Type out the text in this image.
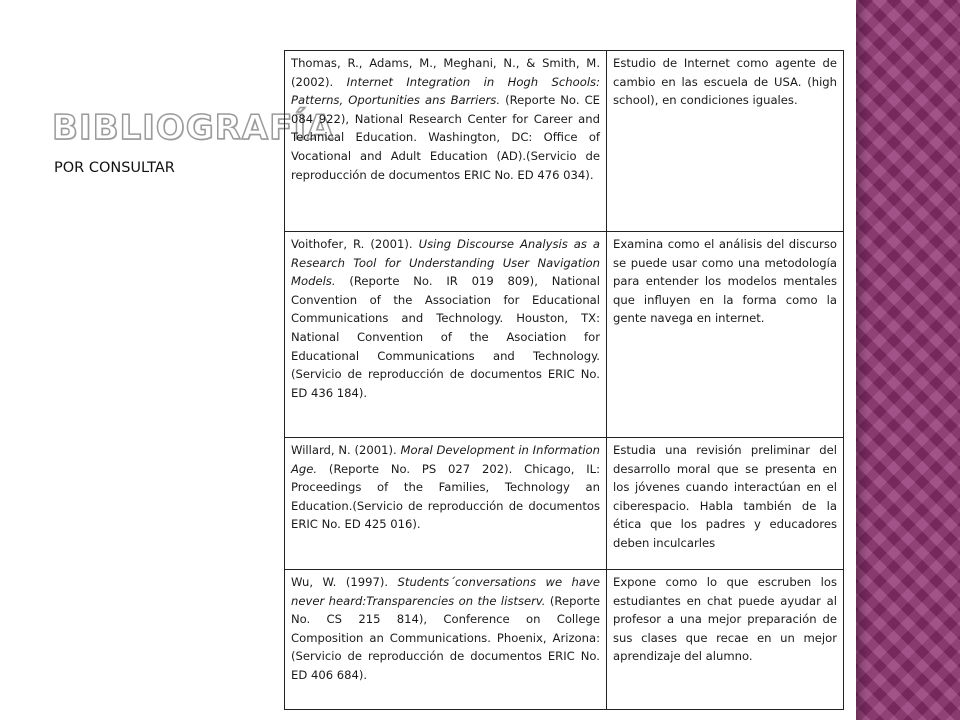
BIBLIOGRAFÍA
POR CONSULTAR
Thomas, R., Adams, M., Meghani, N., & Smith, M. (2002). Internet Integration in Hogh Schools: Patterns, Oportunities ans Barriers. (Reporte No. CE 084 922), National Research Center for Career and Technical Education. Washington, DC: Office of Vocational and Adult Education (AD).(Servicio de reproducción de documentos ERIC No. ED 476 034).	Estudio de Internet como agente de cambio en las escuela de USA. (high school), en condiciones iguales.
Voithofer, R. (2001). Using Discourse Analysis as a Research Tool for Understanding User Navigation Models. (Reporte No. IR 019 809), National Convention of the Association for Educational Communications and Technology. Houston, TX: National Convention of the Asociation for Educational Communications and Technology.(Servicio de reproducción de documentos ERIC No. ED 436 184).	Examina como el análisis del discurso se puede usar como una metodología para entender los modelos mentales que influyen en la forma como la gente navega en internet.
Willard, N. (2001). Moral Development in Information Age. (Reporte No. PS 027 202). Chicago, IL: Proceedings of the Families, Technology an Education.(Servicio de reproducción de documentos ERIC No. ED 425 016).	Estudia una revisión preliminar del desarrollo moral que se presenta en los jóvenes cuando interactúan en el ciberespacio. Habla también de la ética que los padres y educadores deben inculcarles
Wu, W. (1997). Students´conversations we have never heard:Transparencies on the listserv. (Reporte No. CS 215 814), Conference on College Composition an Communications. Phoenix, Arizona: (Servicio de reproducción de documentos ERIC No. ED 406 684).	Expone como lo que escruben los estudiantes en chat puede ayudar al profesor a una mejor preparación de sus clases que recae en un mejor aprendizaje del alumno.
